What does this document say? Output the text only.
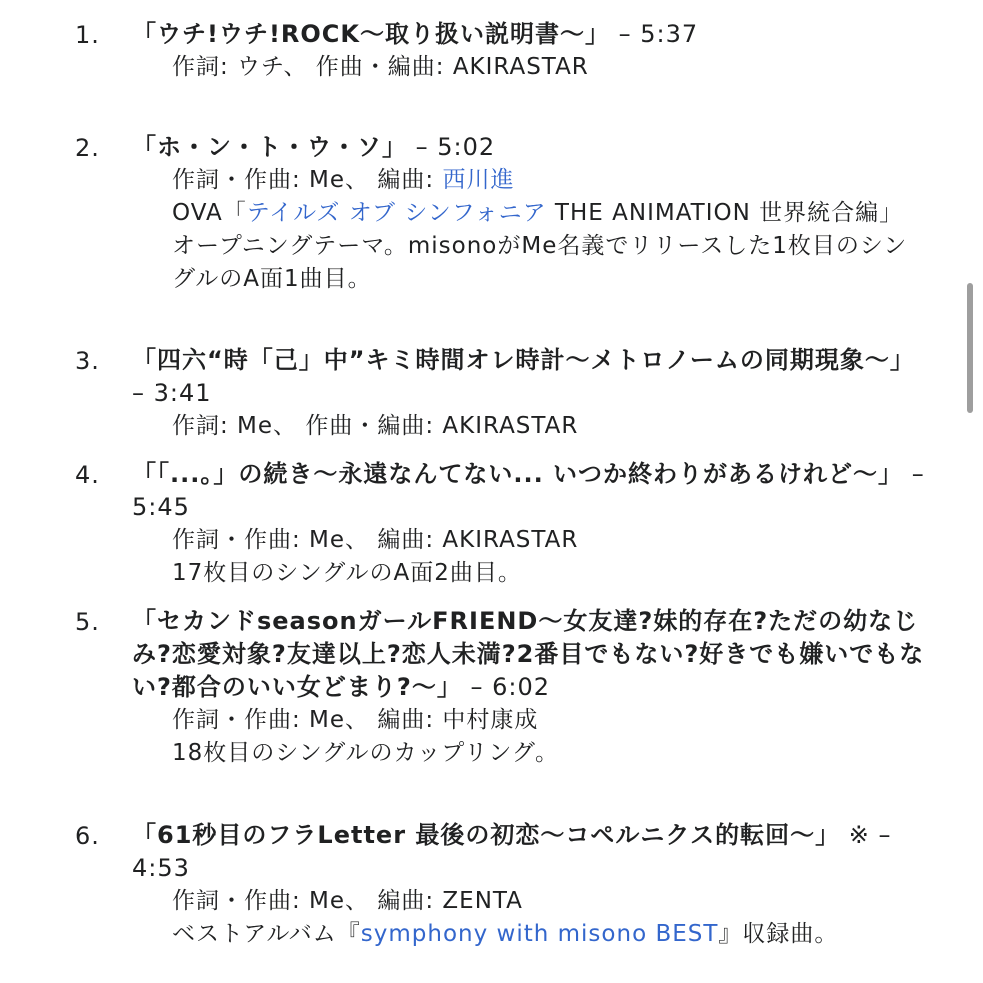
1. 「ウチ!ウチ!ROCK〜取り扱い説明書〜」 – 5:37
作詞: ウチ、 作曲・編曲: AKIRASTAR
2. 「ホ・ン・ト・ウ・ソ」 – 5:02
作詞・作曲: Me、 編曲: 西川進
OVA「テイルズ オブ シンフォニア THE ANIMATION 世界統合編」オープニングテーマ。misonoがMe名義でリリースした1枚目のシングルのA面1曲目。
3. 「四六“時「己」中”キミ時間オレ時計〜メトロノームの同期現象〜」 – 3:41
作詞: Me、 作曲・編曲: AKIRASTAR
4. 「「...。」の続き〜永遠なんてない... いつか終わりがあるけれど〜」 – 5:45
作詞・作曲: Me、 編曲: AKIRASTAR
17枚目のシングルのA面2曲目。
5. 「セカンドseasonガールFRIEND〜女友達?妹的存在?ただの幼なじみ?恋愛対象?友達以上?恋人未満?2番目でもない?好きでも嫌いでもない?都合のいい女どまり?〜」 – 6:02
作詞・作曲: Me、 編曲: 中村康成
18枚目のシングルのカップリング。
6. 「61秒目のフラLetter 最後の初恋〜コペルニクス的転回〜」 ※ – 4:53
作詞・作曲: Me、 編曲: ZENTA
ベストアルバム『symphony with misono BEST』収録曲。
